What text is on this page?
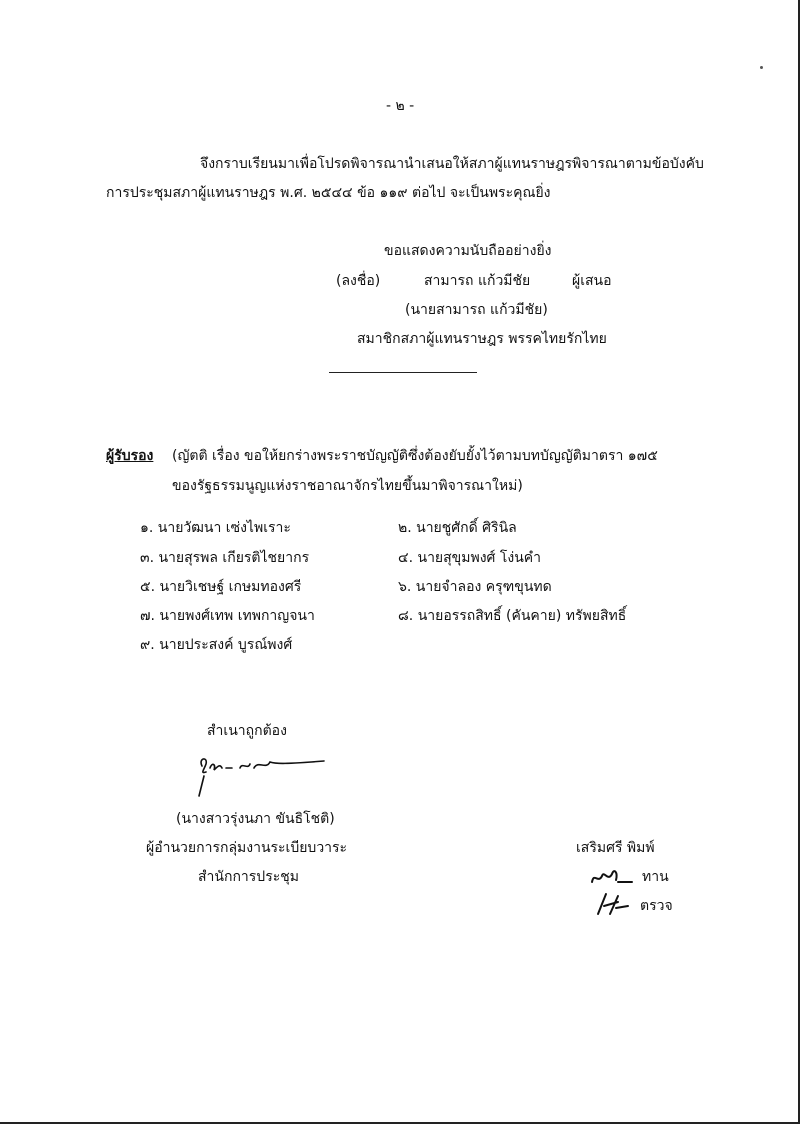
- ๒ -
จึงกราบเรียนมาเพื่อโปรดพิจารณานำเสนอให้สภาผู้แทนราษฎรพิจารณาตามข้อบังคับ
การประชุมสภาผู้แทนราษฎร พ.ศ. ๒๕๔๔ ข้อ ๑๑๙ ต่อไป จะเป็นพระคุณยิ่ง
ขอแสดงความนับถืออย่างยิ่ง
(ลงชื่อ)	สามารถ แก้วมีชัย	ผู้เสนอ
(นายสามารถ แก้วมีชัย)
สมาชิกสภาผู้แทนราษฎร พรรคไทยรักไทย
ผู้รับรอง (ญัตติ เรื่อง ขอให้ยกร่างพระราชบัญญัติซึ่งต้องยับยั้งไว้ตามบทบัญญัติมาตรา ๑๗๕
ของรัฐธรรมนูญแห่งราชอาณาจักรไทยขึ้นมาพิจารณาใหม่)
๑. นายวัฒนา เซ่งไพเราะ	๒. นายชูศักดิ์ ศิรินิล
๓. นายสุรพล เกียรติไชยากร	๔. นายสุขุมพงศ์ โง่นคำ
๕. นายวิเชษฐ์ เกษมทองศรี	๖. นายจำลอง ครุฑขุนทด
๗. นายพงศ์เทพ เทพกาญจนา	๘. นายอรรถสิทธิ์ (คันคาย) ทรัพยสิทธิ์
๙. นายประสงค์ บูรณ์พงศ์
สำเนาถูกต้อง
(นางสาวรุ่งนภา ขันธิโชติ)
ผู้อำนวยการกลุ่มงานระเบียบวาระ
สำนักการประชุม
เสริมศรี พิมพ์
ทาน
ตรวจ
